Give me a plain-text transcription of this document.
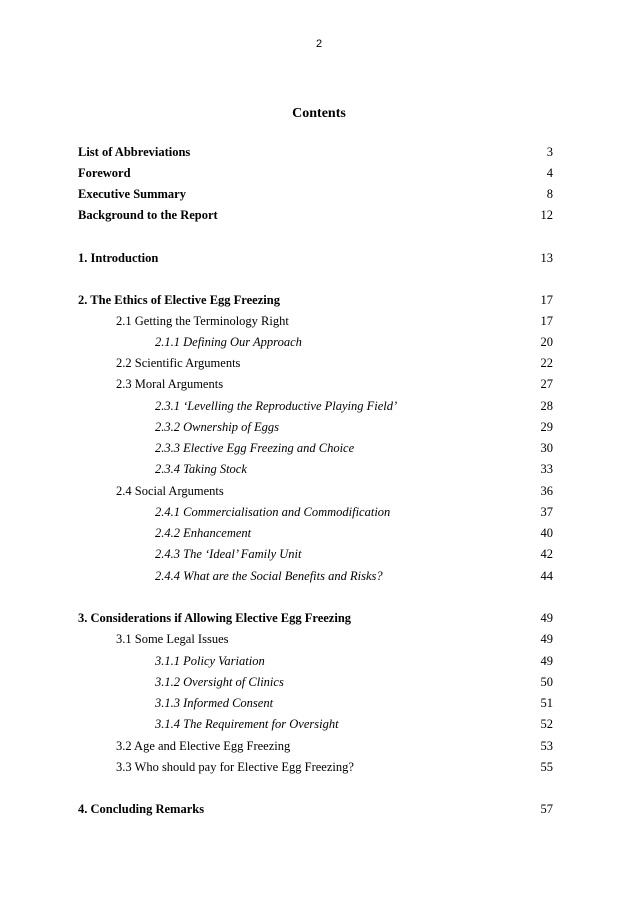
2
Contents
List of Abbreviations	3
Foreword	4
Executive Summary	8
Background to the Report	12
1. Introduction	13
2. The Ethics of Elective Egg Freezing	17
2.1 Getting the Terminology Right	17
2.1.1 Defining Our Approach	20
2.2 Scientific Arguments	22
2.3 Moral Arguments	27
2.3.1 ‘Levelling the Reproductive Playing Field’	28
2.3.2 Ownership of Eggs	29
2.3.3 Elective Egg Freezing and Choice	30
2.3.4 Taking Stock	33
2.4 Social Arguments	36
2.4.1 Commercialisation and Commodification	37
2.4.2 Enhancement	40
2.4.3 The ‘Ideal’ Family Unit	42
2.4.4 What are the Social Benefits and Risks?	44
3. Considerations if Allowing Elective Egg Freezing	49
3.1 Some Legal Issues	49
3.1.1 Policy Variation	49
3.1.2 Oversight of Clinics	50
3.1.3 Informed Consent	51
3.1.4 The Requirement for Oversight	52
3.2 Age and Elective Egg Freezing	53
3.3 Who should pay for Elective Egg Freezing?	55
4. Concluding Remarks	57
